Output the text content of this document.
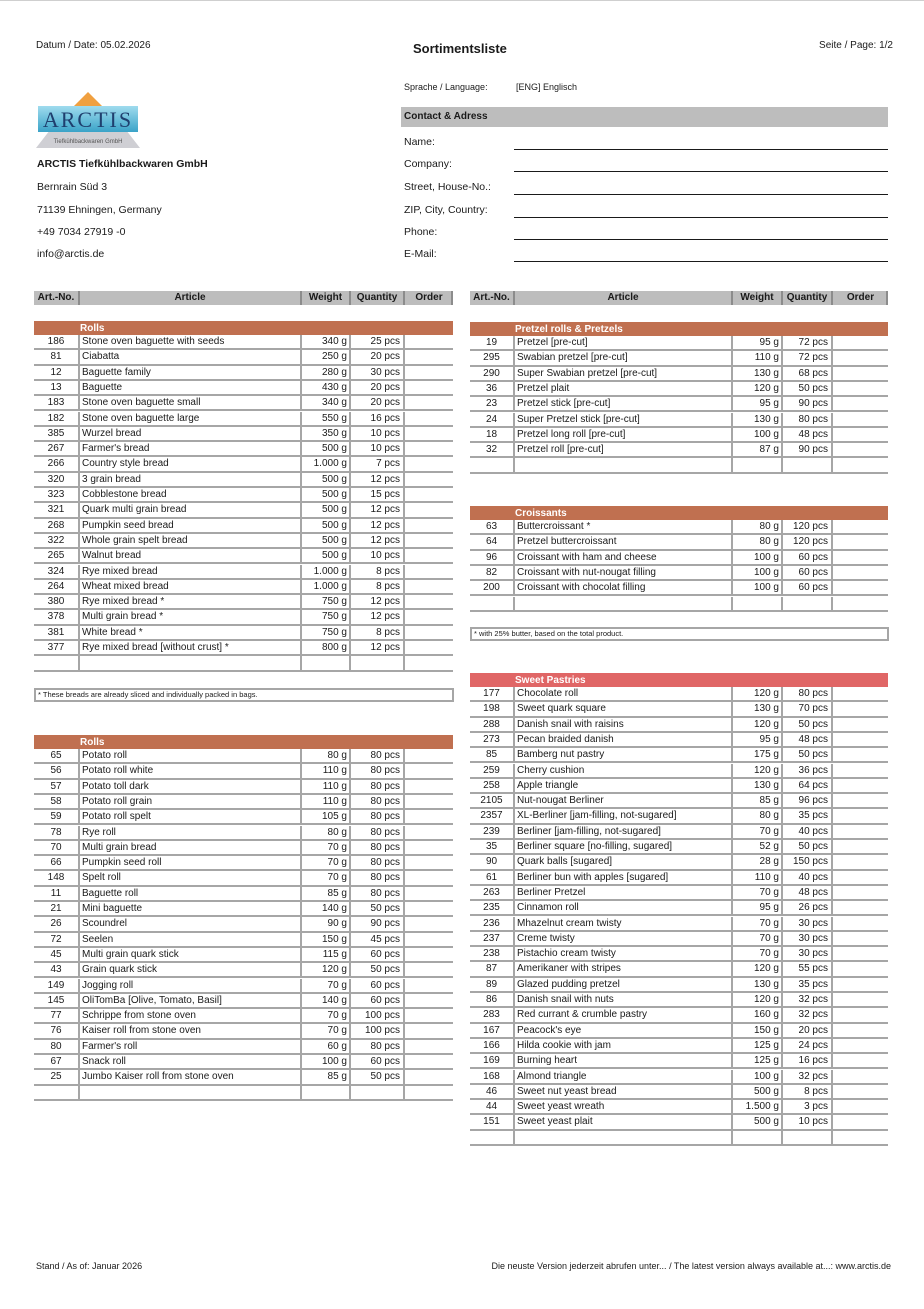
Datum / Date: 05.02.2026	Sortimentsliste	Seite / Page: 1/2
ARCTIS
Tiefkühlbackwaren GmbH
ARCTIS Tiefkühlbackwaren GmbH
Bernrain Süd 3
71139 Ehningen, Germany
+49 7034 27919 -0
info@arctis.de
Sprache / Language:	[ENG] Englisch
Contact & Adress
Name:
Company:
Street, House-No.:
ZIP, City, Country:
Phone:
E-Mail:
Art.-No.	Article	Weight	Quantity	Order
Rolls
186	Stone oven baguette with seeds	340 g	25 pcs
81	Ciabatta	250 g	20 pcs
12	Baguette family	280 g	30 pcs
13	Baguette	430 g	20 pcs
183	Stone oven baguette small	340 g	20 pcs
182	Stone oven baguette large	550 g	16 pcs
385	Wurzel bread	350 g	10 pcs
267	Farmer's bread	500 g	10 pcs
266	Country style bread	1.000 g	7 pcs
320	3 grain bread	500 g	12 pcs
323	Cobblestone bread	500 g	15 pcs
321	Quark multi grain bread	500 g	12 pcs
268	Pumpkin seed bread	500 g	12 pcs
322	Whole grain spelt bread	500 g	12 pcs
265	Walnut bread	500 g	10 pcs
324	Rye mixed bread	1.000 g	8 pcs
264	Wheat mixed bread	1.000 g	8 pcs
380	Rye mixed bread *	750 g	12 pcs
378	Multi grain bread *	750 g	12 pcs
381	White bread *	750 g	8 pcs
377	Rye mixed bread [without crust] *	800 g	12 pcs
* These breads are already sliced and individually packed in bags.
Rolls
65	Potato roll	80 g	80 pcs
56	Potato roll white	110 g	80 pcs
57	Potato toll dark	110 g	80 pcs
58	Potato roll grain	110 g	80 pcs
59	Potato roll spelt	105 g	80 pcs
78	Rye roll	80 g	80 pcs
70	Multi grain bread	70 g	80 pcs
66	Pumpkin seed roll	70 g	80 pcs
148	Spelt roll	70 g	80 pcs
11	Baguette roll	85 g	80 pcs
21	Mini baguette	140 g	50 pcs
26	Scoundrel	90 g	90 pcs
72	Seelen	150 g	45 pcs
45	Multi grain quark stick	115 g	60 pcs
43	Grain quark stick	120 g	50 pcs
149	Jogging roll	70 g	60 pcs
145	OliTomBa [Olive, Tomato, Basil]	140 g	60 pcs
77	Schrippe from stone oven	70 g	100 pcs
76	Kaiser roll from stone oven	70 g	100 pcs
80	Farmer's roll	60 g	80 pcs
67	Snack roll	100 g	60 pcs
25	Jumbo Kaiser roll from stone oven	85 g	50 pcs
Art.-No.	Article	Weight	Quantity	Order
Pretzel rolls & Pretzels
19	Pretzel [pre-cut]	95 g	72 pcs
295	Swabian pretzel [pre-cut]	110 g	72 pcs
290	Super Swabian pretzel [pre-cut]	130 g	68 pcs
36	Pretzel plait	120 g	50 pcs
23	Pretzel stick [pre-cut]	95 g	90 pcs
24	Super Pretzel stick [pre-cut]	130 g	80 pcs
18	Pretzel long roll [pre-cut]	100 g	48 pcs
32	Pretzel roll [pre-cut]	87 g	90 pcs
Croissants
63	Buttercroissant *	80 g	120 pcs
64	Pretzel buttercroissant	80 g	120 pcs
96	Croissant with ham and cheese	100 g	60 pcs
82	Croissant with nut-nougat filling	100 g	60 pcs
200	Croissant with chocolat filling	100 g	60 pcs
* with 25% butter, based on the total product.
Sweet Pastries
177	Chocolate roll	120 g	80 pcs
198	Sweet quark square	130 g	70 pcs
288	Danish snail with raisins	120 g	50 pcs
273	Pecan braided danish	95 g	48 pcs
85	Bamberg nut pastry	175 g	50 pcs
259	Cherry cushion	120 g	36 pcs
258	Apple triangle	130 g	64 pcs
2105	Nut-nougat Berliner	85 g	96 pcs
2357	XL-Berliner [jam-filling, not-sugared]	80 g	35 pcs
239	Berliner [jam-filling, not-sugared]	70 g	40 pcs
35	Berliner square [no-filling, sugared]	52 g	50 pcs
90	Quark balls [sugared]	28 g	150 pcs
61	Berliner bun with apples [sugared]	110 g	40 pcs
263	Berliner Pretzel	70 g	48 pcs
235	Cinnamon roll	95 g	26 pcs
236	Mhazelnut cream twisty	70 g	30 pcs
237	Creme twisty	70 g	30 pcs
238	Pistachio cream twisty	70 g	30 pcs
87	Amerikaner with stripes	120 g	55 pcs
89	Glazed pudding pretzel	130 g	35 pcs
86	Danish snail with nuts	120 g	32 pcs
283	Red currant & crumble pastry	160 g	32 pcs
167	Peacock's eye	150 g	20 pcs
166	Hilda cookie with jam	125 g	24 pcs
169	Burning heart	125 g	16 pcs
168	Almond triangle	100 g	32 pcs
46	Sweet nut yeast bread	500 g	8 pcs
44	Sweet yeast wreath	1.500 g	3 pcs
151	Sweet yeast plait	500 g	10 pcs
Stand / As of: Januar 2026	Die neuste Version jederzeit abrufen unter... / The latest version always available at...: www.arctis.de
